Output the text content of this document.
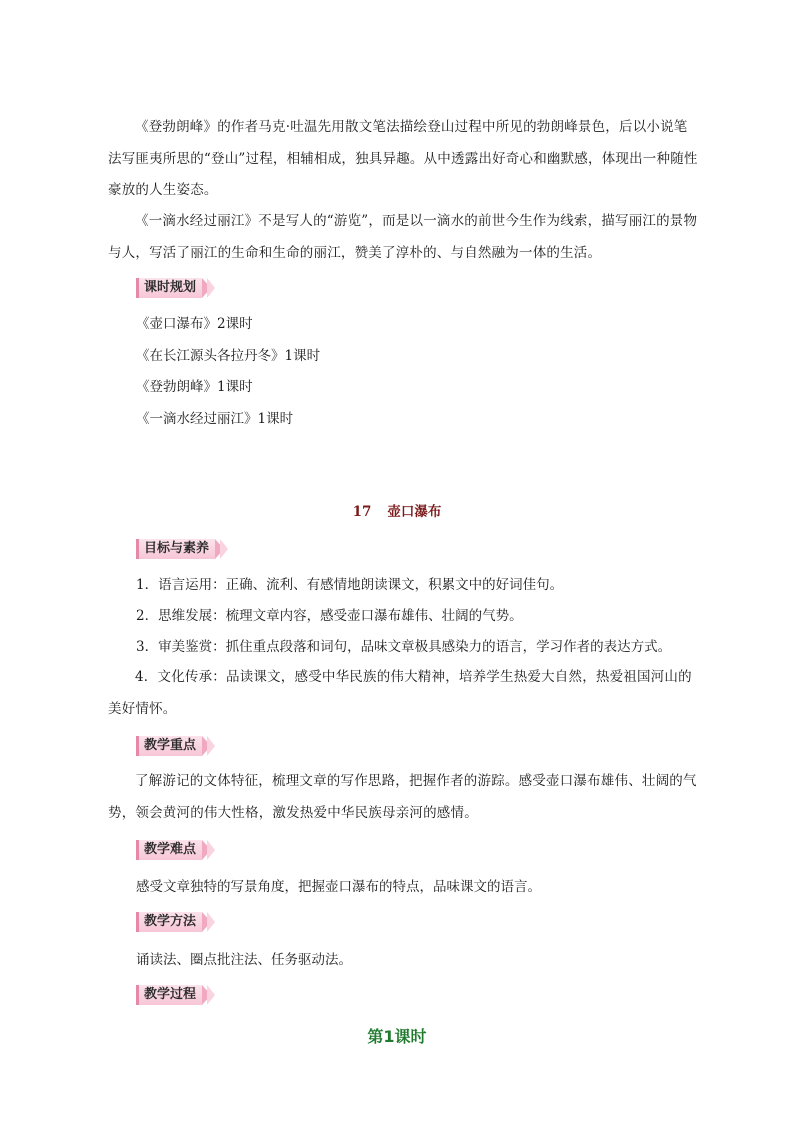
《登勃朗峰》的作者马克·吐温先用散文笔法描绘登山过程中所见的勃朗峰景色，后以小说笔法写匪夷所思的“登山”过程，相辅相成，独具异趣。从中透露出好奇心和幽默感，体现出一种随性豪放的人生姿态。

《一滴水经过丽江》不是写人的“游览”，而是以一滴水的前世今生作为线索，描写丽江的景物与人，写活了丽江的生命和生命的丽江，赞美了淳朴的、与自然融为一体的生活。

课时规划

《壶口瀑布》2课时

《在长江源头各拉丹冬》1课时

《登勃朗峰》1课时

《一滴水经过丽江》1课时

17 壶口瀑布
目标与素养

1．语言运用：正确、流利、有感情地朗读课文，积累文中的好词佳句。

2．思维发展：梳理文章内容，感受壶口瀑布雄伟、壮阔的气势。

3．审美鉴赏：抓住重点段落和词句，品味文章极具感染力的语言，学习作者的表达方式。

4．文化传承：品读课文，感受中华民族的伟大精神，培养学生热爱大自然，热爱祖国河山的美好情怀。

教学重点

了解游记的文体特征，梳理文章的写作思路，把握作者的游踪。感受壶口瀑布雄伟、壮阔的气势，领会黄河的伟大性格，激发热爱中华民族母亲河的感情。

教学难点

感受文章独特的写景角度，把握壶口瀑布的特点，品味课文的语言。

教学方法

诵读法、圈点批注法、任务驱动法。

教学过程
第1课时
